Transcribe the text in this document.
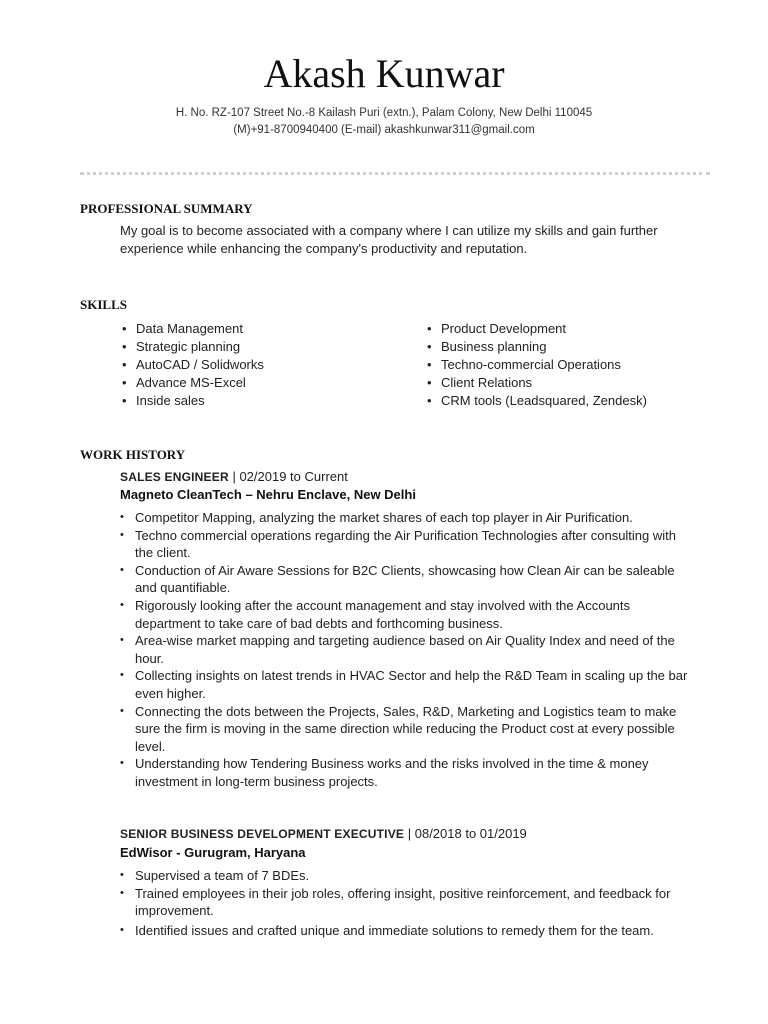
Akash Kunwar
H. No. RZ-107 Street No.-8 Kailash Puri (extn.), Palam Colony, New Delhi 110045
(M)+91-8700940400 (E-mail) akashkunwar311@gmail.com
PROFESSIONAL SUMMARY
My goal is to become associated with a company where I can utilize my skills and gain further experience while enhancing the company's productivity and reputation.
SKILLS
• Data Management
• Strategic planning
• AutoCAD / Solidworks
• Advance MS-Excel
• Inside sales
• Product Development
• Business planning
• Techno-commercial Operations
• Client Relations
• CRM tools (Leadsquared, Zendesk)
WORK HISTORY
SALES ENGINEER | 02/2019 to Current
Magneto CleanTech – Nehru Enclave, New Delhi
• Competitor Mapping, analyzing the market shares of each top player in Air Purification.
• Techno commercial operations regarding the Air Purification Technologies after consulting with the client.
• Conduction of Air Aware Sessions for B2C Clients, showcasing how Clean Air can be saleable and quantifiable.
• Rigorously looking after the account management and stay involved with the Accounts department to take care of bad debts and forthcoming business.
• Area-wise market mapping and targeting audience based on Air Quality Index and need of the hour.
• Collecting insights on latest trends in HVAC Sector and help the R&D Team in scaling up the bar even higher.
• Connecting the dots between the Projects, Sales, R&D, Marketing and Logistics team to make sure the firm is moving in the same direction while reducing the Product cost at every possible level.
• Understanding how Tendering Business works and the risks involved in the time & money investment in long-term business projects.
SENIOR BUSINESS DEVELOPMENT EXECUTIVE | 08/2018 to 01/2019
EdWisor - Gurugram, Haryana
• Supervised a team of 7 BDEs.
• Trained employees in their job roles, offering insight, positive reinforcement, and feedback for improvement.
• Identified issues and crafted unique and immediate solutions to remedy them for the team.
